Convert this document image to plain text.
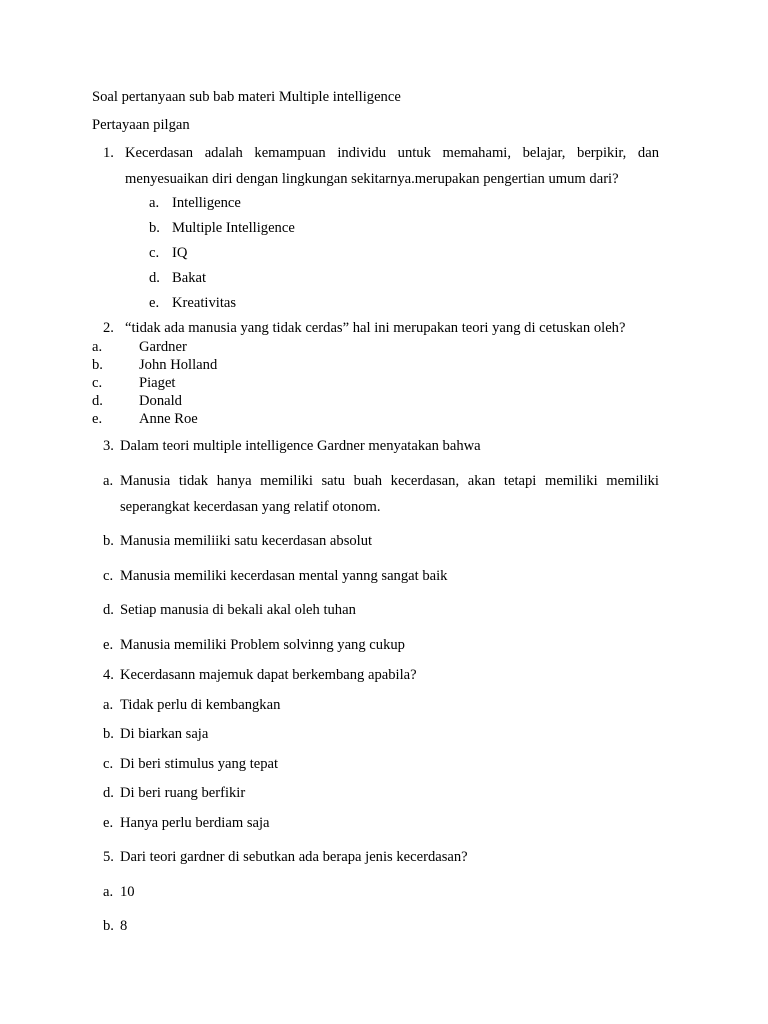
Soal pertanyaan sub bab materi Multiple intelligence
Pertayaan pilgan
1. Kecerdasan adalah kemampuan individu untuk memahami, belajar, berpikir, dan
menyesuaikan diri dengan lingkungan sekitarnya.merupakan pengertian umum dari?
a. Intelligence
b. Multiple Intelligence
c. IQ
d. Bakat
e. Kreativitas
2. “tidak ada manusia yang tidak cerdas” hal ini merupakan teori yang di cetuskan oleh?
a.	Gardner
b. John Holland
c.	Piaget
d. Donald
e.	Anne Roe
3. Dalam teori multiple intelligence Gardner menyatakan bahwa
a. Manusia tidak hanya memiliki satu buah kecerdasan, akan tetapi memiliki memiliki
seperangkat kecerdasan yang relatif otonom.
b. Manusia memiliiki satu kecerdasan absolut
c. Manusia memiliki kecerdasan mental yanng sangat baik
d. Setiap manusia di bekali akal oleh tuhan
e. Manusia memiliki Problem solvinng yang cukup
4. Kecerdasann majemuk dapat berkembang apabila?
a. Tidak perlu di kembangkan
b. Di biarkan saja
c. Di beri stimulus yang tepat
d. Di beri ruang berfikir
e. Hanya perlu berdiam saja
5. Dari teori gardner di sebutkan ada berapa jenis kecerdasan?
a. 10
b. 8
